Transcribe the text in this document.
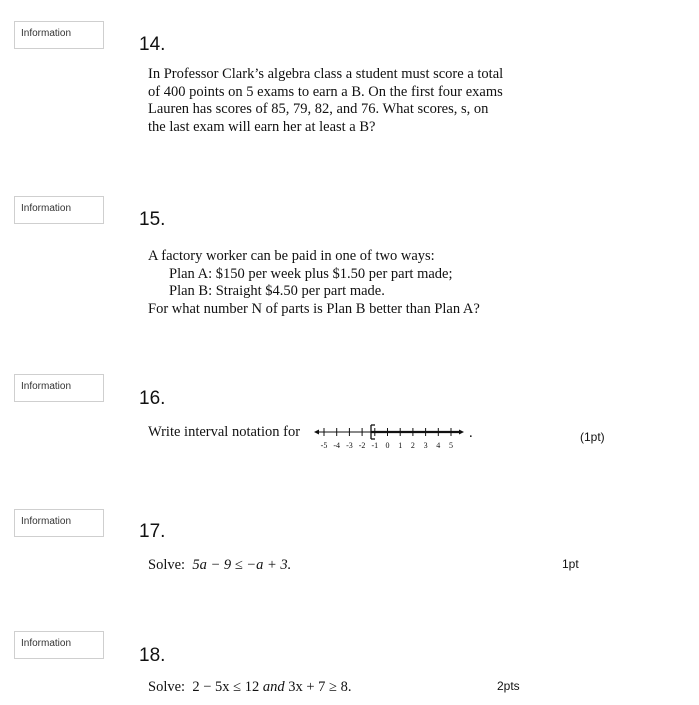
Information
14.
In Professor Clark’s algebra class a student must score a total
of 400 points on 5 exams to earn a B. On the first four exams
Lauren has scores of 85, 79, 82, and 76. What scores, s, on
the last exam will earn her at least a B?
Information
15.
A factory worker can be paid in one of two ways:
Plan A: $150 per week plus $1.50 per part made;
Plan B: Straight $4.50 per part made.
For what number N of parts is Plan B better than Plan A?
Information
16.
Write interval notation for
-5 -4 -3 -2 -1 0 1 2 3 4 5
.	(1pt)
Information	17.
Solve: 5a − 9 ≤ −a + 3.	1pt
Information
18.
Solve: 2 − 5x ≤ 12 and 3x + 7 ≥ 8.	2pts
